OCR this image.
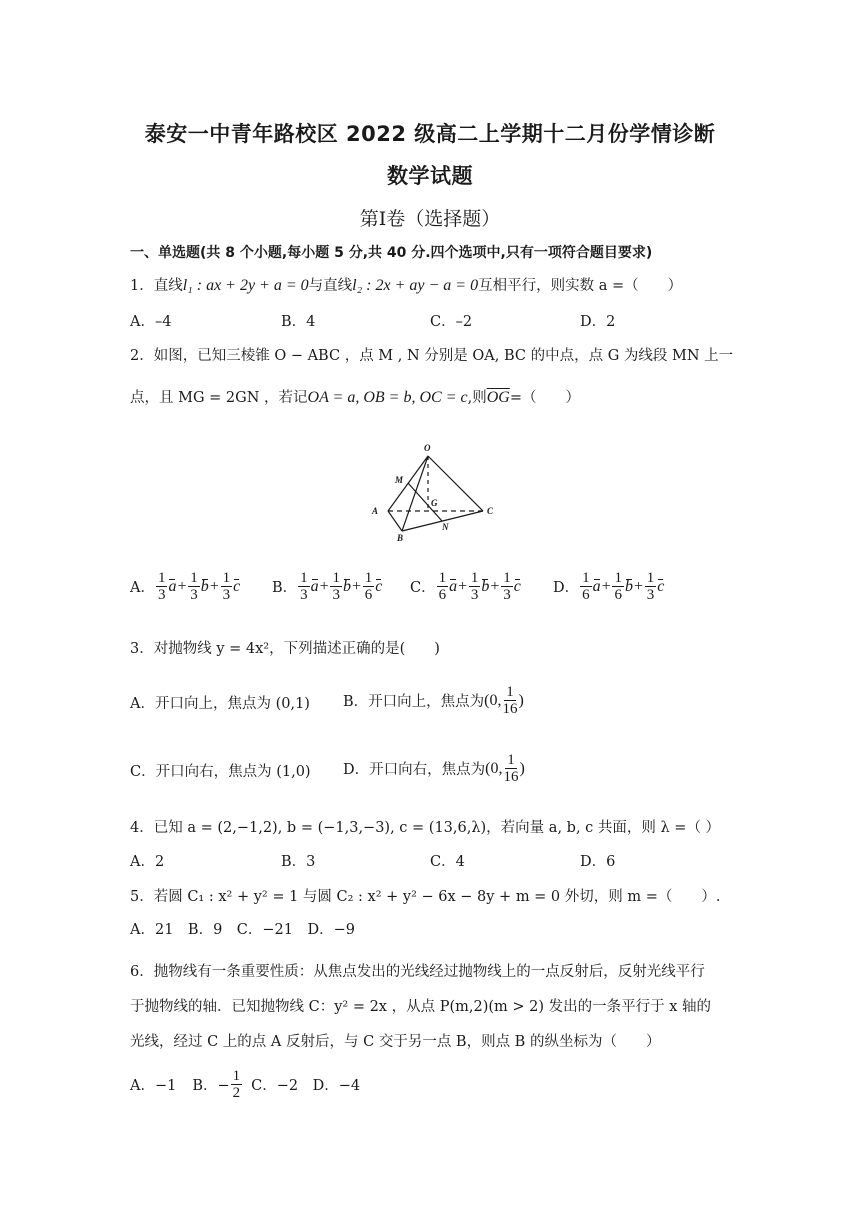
泰安一中青年路校区 2022 级高二上学期十二月份学情诊断
数学试题
第Ⅰ卷（选择题）
一、单选题(共 8 个小题,每小题 5 分,共 40 分.四个选项中,只有一项符合题目要求)
1．直线l₁ : ax + 2y + a = 0与直线l₂ : 2x + ay − a = 0互相平行，则实数 a =（　　）
A．–4	B．4	C．–2	D．2
2．如图，已知三棱锥 O − ABC ，点 M , N 分别是 OA, BC 的中点，点 G 为线段 MN 上一
点，且 MG = 2GN ，若记OA = a, OB = b, OC = c,则$\overline{OG}=$（　　）
O
M
G
A
N
C
B
A． $\frac{1}{3}$ $a + \frac{1}{3}$ $b + \frac{1}{3}$ c B． $\frac{1}{3}$ $a + \frac{1}{3}$ $b + \frac{1}{6}$ c C． $\frac{1}{6}$ $a + \frac{1}{3}$ $b + \frac{1}{3}$ c D． $\frac{1}{6}$ $a + \frac{1}{6}$ $b + \frac{1}{3}$ c
3．对抛物线 y = 4x²，下列描述正确的是(　　)
A．开口向上，焦点为 (0,1) B．开口向上，焦点为 (0, $\frac{1}{16}$ )
C．开口向右，焦点为 (1,0) D．开口向右，焦点为 (0, $\frac{1}{16}$ )
4．已知 a = (2,−1,2), b = (−1,3,−3), c = (13,6,λ)，若向量 a, b, c 共面，则 λ =（ ）
A．2	B．3	C．4	D．6
5．若圆 C₁ : x² + y² = 1 与圆 C₂ : x² + y² − 6x − 8y + m = 0 外切，则 m =（　　）.
A．21　B．9　C．−21　D．−9
6．抛物线有一条重要性质：从焦点发出的光线经过抛物线上的一点反射后，反射光线平行
于抛物线的轴．已知抛物线 C：y² = 2x ，从点 P(m,2)(m > 2) 发出的一条平行于 x 轴的
光线，经过 C 上的点 A 反射后，与 C 交于另一点 B，则点 B 的纵坐标为（　　）
A．−1 B．− $\frac{1}{2}$ C．−2　D．−4
